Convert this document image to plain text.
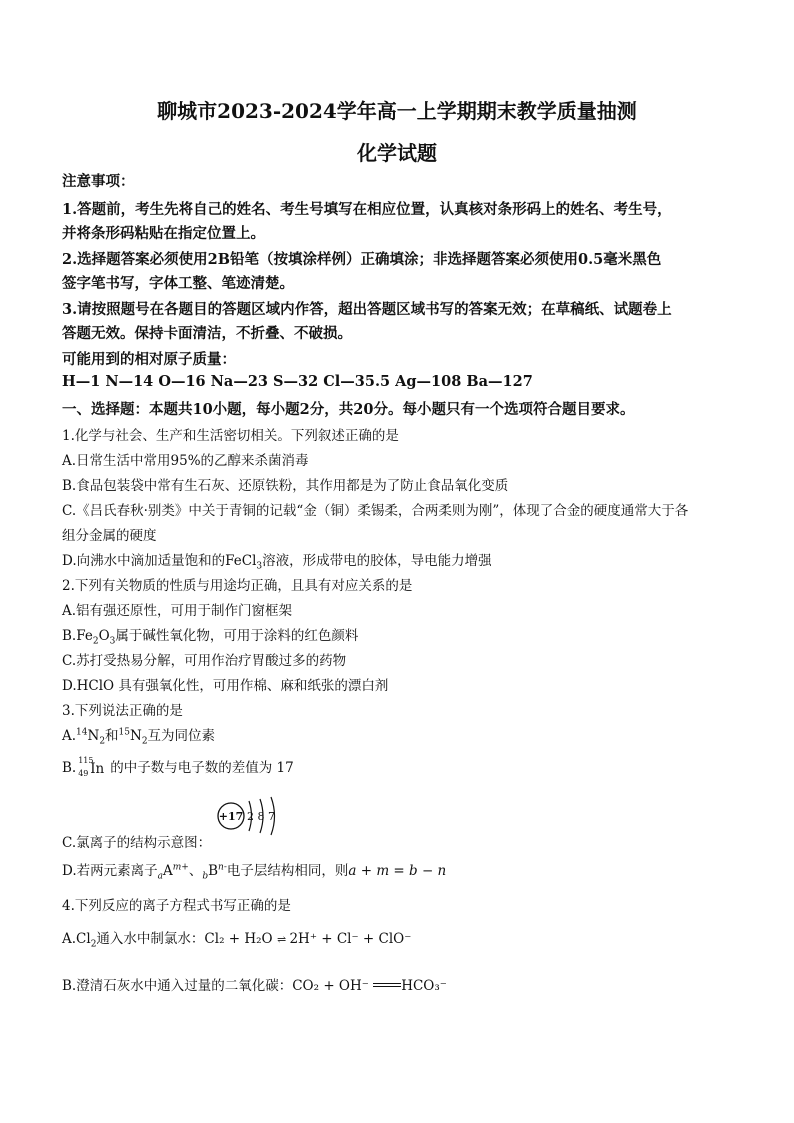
聊城市2023-2024学年高一上学期期末教学质量抽测
化学试题
注意事项：
1.答题前，考生先将自己的姓名、考生号填写在相应位置，认真核对条形码上的姓名、考生号，
并将条形码粘贴在指定位置上。
2.选择题答案必须使用2B铅笔（按填涂样例）正确填涂；非选择题答案必须使用0.5毫米黑色
签字笔书写，字体工整、笔迹清楚。
3.请按照题号在各题目的答题区域内作答，超出答题区域书写的答案无效；在草稿纸、试题卷上
答题无效。保持卡面清洁，不折叠、不破损。
可能用到的相对原子质量：
H—1 N—14 O—16 Na—23 S—32 Cl—35.5 Ag—108 Ba—127
一、选择题：本题共10小题，每小题2分，共20分。每小题只有一个选项符合题目要求。
1.化学与社会、生产和生活密切相关。下列叙述正确的是
A.日常生活中常用95%的乙醇来杀菌消毒
B.食品包装袋中常有生石灰、还原铁粉，其作用都是为了防止食品氧化变质
C.《吕氏春秋·别类》中关于青铜的记载“金（铜）柔锡柔，合两柔则为刚”，体现了合金的硬度通常大于各
组分金属的硬度
D.向沸水中滴加适量饱和的FeCl$_3$溶液，形成带电的胶体，导电能力增强
2.下列有关物质的性质与用途均正确，且具有对应关系的是
A.铝有强还原性，可用于制作门窗框架
$B.Fe_2O_3$属于碱性氧化物，可用于涂料的红色颜料
C.苏打受热易分解，可用作治疗胃酸过多的药物
D.HClO 具有强氧化性，可用作棉、麻和纸张的漂白剂
3.下列说法正确的是
$A.^{14}N_2$和$^{15}N_2$互为同位素
B. 115
49 In 的中子数与电子数的差值为 17
+17 2 8 7
C.氯离子的结构示意图：
D.若两元素离子$_aA^{m+}$、$_bB^{n-}$电子层结构相同，则a + m = b − n
4.下列反应的离子方程式书写正确的是
$A.Cl_2$通入水中制氯水：Cl₂ + H₂O ⇌ 2H⁺ + Cl⁻ + ClO⁻
B.澄清石灰水中通入过量的二氧化碳：CO₂ + OH⁻ HCO₃⁻
